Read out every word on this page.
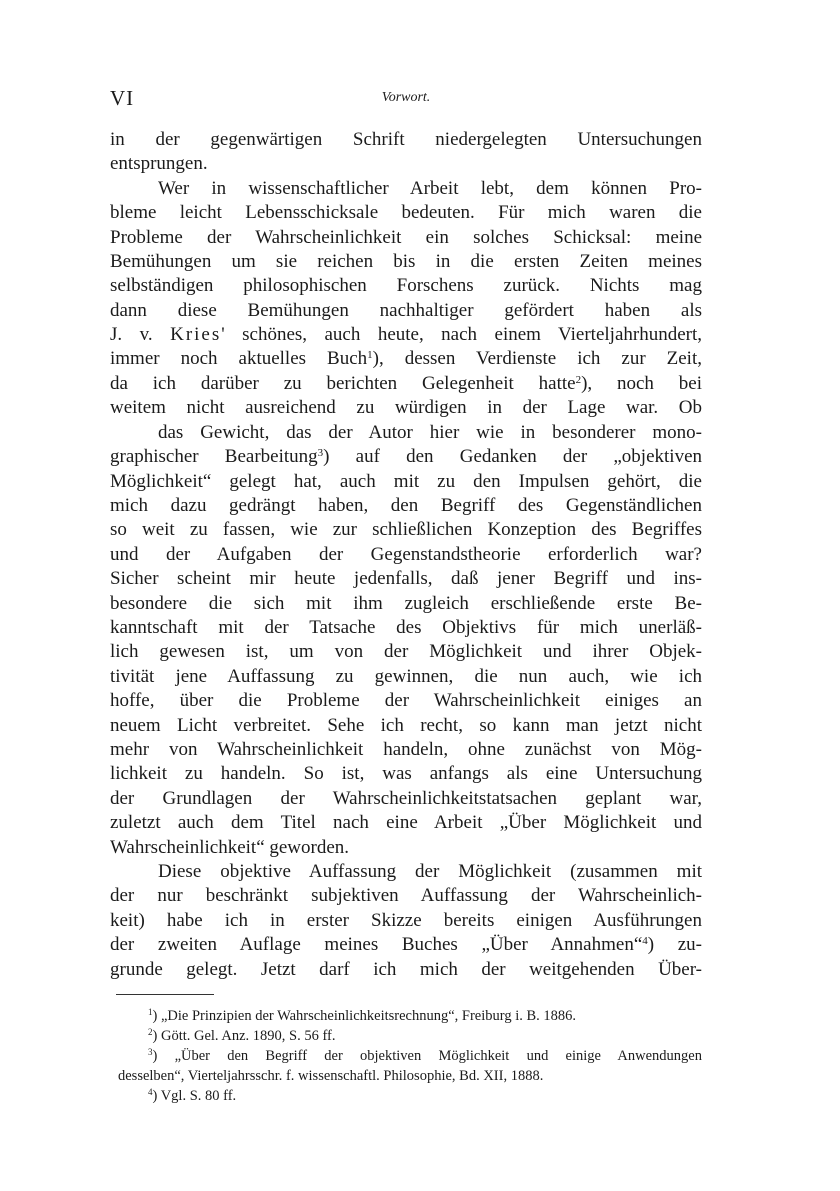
VI	Vorwort.
in der gegenwärtigen Schrift niedergelegten Untersuchungen
entsprungen.
Wer in wissenschaftlicher Arbeit lebt, dem können Pro-
bleme leicht Lebensschicksale bedeuten. Für mich waren die
Probleme der Wahrscheinlichkeit ein solches Schicksal: meine
Bemühungen um sie reichen bis in die ersten Zeiten meines
selbständigen philosophischen Forschens zurück. Nichts mag
dann diese Bemühungen nachhaltiger gefördert haben als
J. v. Kries' schönes, auch heute, nach einem Vierteljahrhundert,
immer noch aktuelles Buch$^1$), dessen Verdienste ich zur Zeit,
da ich darüber zu berichten Gelegenheit hatte$^2$), noch bei
weitem nicht ausreichend zu würdigen in der Lage war. Ob
das Gewicht, das der Autor hier wie in besonderer mono-
graphischer Bearbeitung$^3$) auf den Gedanken der „objektiven
Möglichkeit“ gelegt hat, auch mit zu den Impulsen gehört, die
mich dazu gedrängt haben, den Begriff des Gegenständlichen
so weit zu fassen, wie zur schließlichen Konzeption des Begriffes
und der Aufgaben der Gegenstandstheorie erforderlich war?
Sicher scheint mir heute jedenfalls, daß jener Begriff und ins-
besondere die sich mit ihm zugleich erschließende erste Be-
kanntschaft mit der Tatsache des Objektivs für mich unerläß-
lich gewesen ist, um von der Möglichkeit und ihrer Objek-
tivität jene Auffassung zu gewinnen, die nun auch, wie ich
hoffe, über die Probleme der Wahrscheinlichkeit einiges an
neuem Licht verbreitet. Sehe ich recht, so kann man jetzt nicht
mehr von Wahrscheinlichkeit handeln, ohne zunächst von Mög-
lichkeit zu handeln. So ist, was anfangs als eine Untersuchung
der Grundlagen der Wahrscheinlichkeitstatsachen geplant war,
zuletzt auch dem Titel nach eine Arbeit „Über Möglichkeit und
Wahrscheinlichkeit“ geworden.
Diese objektive Auffassung der Möglichkeit (zusammen mit
der nur beschränkt subjektiven Auffassung der Wahrscheinlich-
keit) habe ich in erster Skizze bereits einigen Ausführungen
der zweiten Auflage meines Buches „Über Annahmen“$^4$) zu-
grunde gelegt. Jetzt darf ich mich der weitgehenden Über-
$^1$) „Die Prinzipien der Wahrscheinlichkeitsrechnung“, Freiburg i. B. 1886.
$^2$) Gött. Gel. Anz. 1890, S. 56 ff.
$^3$) „Über den Begriff der objektiven Möglichkeit und einige Anwendungen
desselben“, Vierteljahrsschr. f. wissenschaftl. Philosophie, Bd. XII, 1888.
$^4$) Vgl. S. 80 ff.
